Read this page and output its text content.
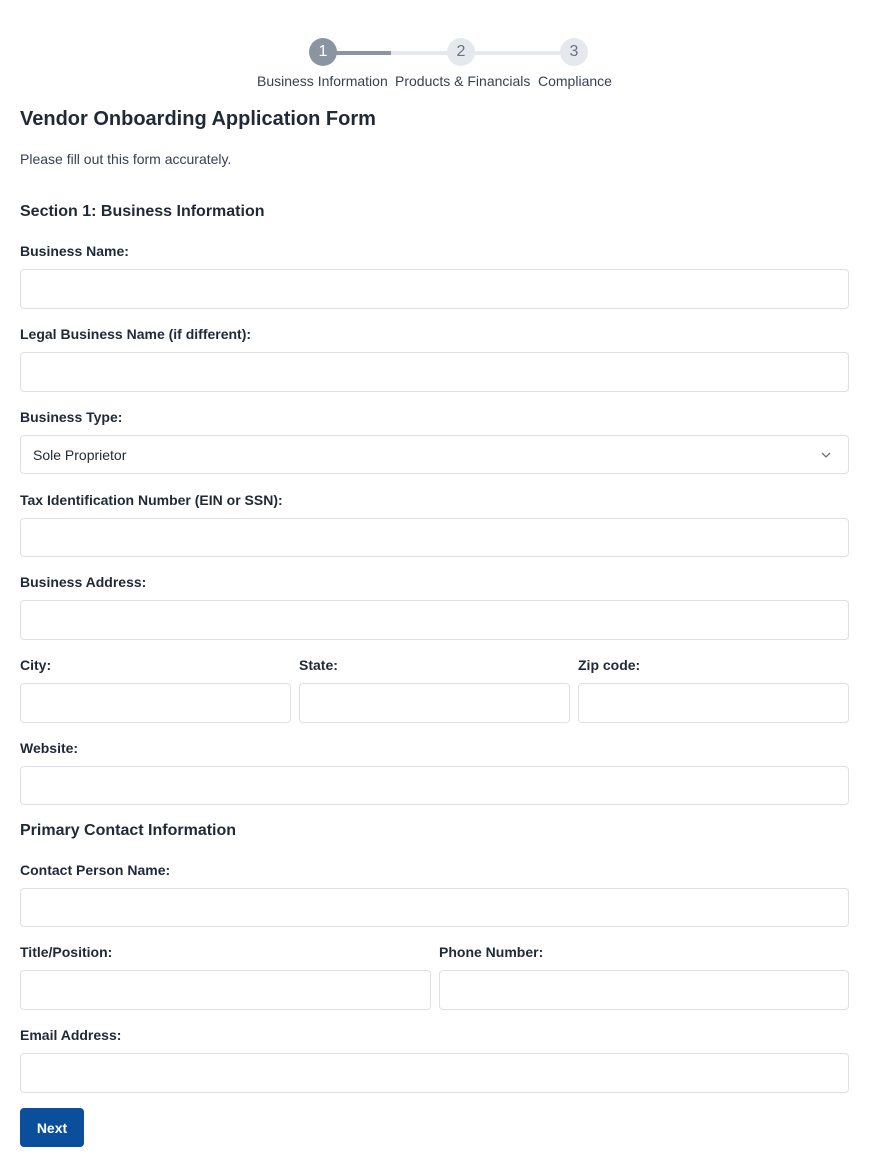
1	2	3
Business Information Products & Financials Compliance
Vendor Onboarding Application Form

Please fill out this form accurately.

Section 1: Business Information
Business Name:
Legal Business Name (if different):
Business Type:
Sole Proprietor
Tax Identification Number (EIN or SSN):
Business Address:
City:	State:	Zip code:
Website:
Primary Contact Information
Contact Person Name:
Title/Position:	Phone Number:
Email Address:
Next
